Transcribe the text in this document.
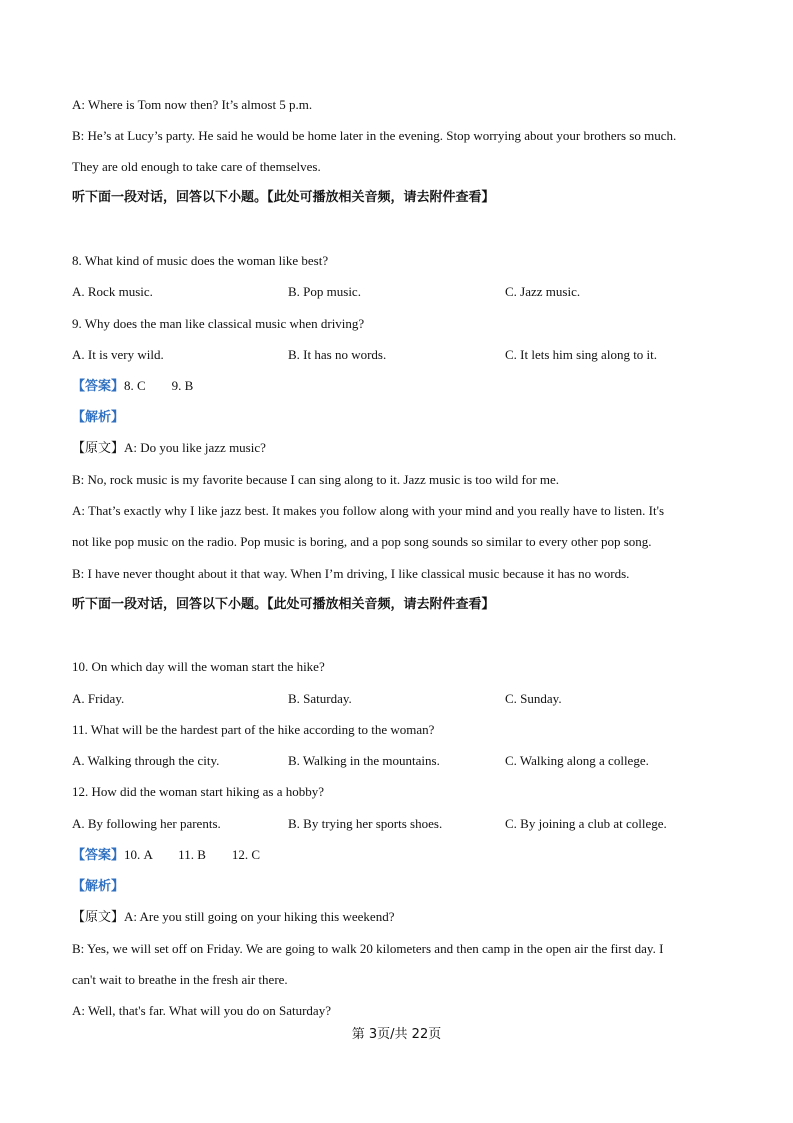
A: Where is Tom now then? It’s almost 5 p.m.
B: He’s at Lucy’s party. He said he would be home later in the evening. Stop worrying about your brothers so much.
They are old enough to take care of themselves.
听下面一段对话，回答以下小题。【此处可播放相关音频，请去附件查看】
8. What kind of music does the woman like best?
A. Rock music.	B. Pop music.	C. Jazz music.
9. Why does the man like classical music when driving?
A. It is very wild.	B. It has no words.	C. It lets him sing along to it.
【答案】8. C        9. B
【解析】
【原文】A: Do you like jazz music?
B: No, rock music is my favorite because I can sing along to it. Jazz music is too wild for me.
A: That’s exactly why I like jazz best. It makes you follow along with your mind and you really have to listen. It's
not like pop music on the radio. Pop music is boring, and a pop song sounds so similar to every other pop song.
B: I have never thought about it that way. When I’m driving, I like classical music because it has no words.
听下面一段对话，回答以下小题。【此处可播放相关音频，请去附件查看】
10. On which day will the woman start the hike?
A. Friday.	B. Saturday.	C. Sunday.
11. What will be the hardest part of the hike according to the woman?
A. Walking through the city.	B. Walking in the mountains.	C. Walking along a college.
12. How did the woman start hiking as a hobby?
A. By following her parents.	B. By trying her sports shoes.	C. By joining a club at college.
【答案】10. A        11. B        12. C
【解析】
【原文】A: Are you still going on your hiking this weekend?
B: Yes, we will set off on Friday. We are going to walk 20 kilometers and then camp in the open air the first day. I
can't wait to breathe in the fresh air there.
A: Well, that's far. What will you do on Saturday?
第 3页/共 22页
